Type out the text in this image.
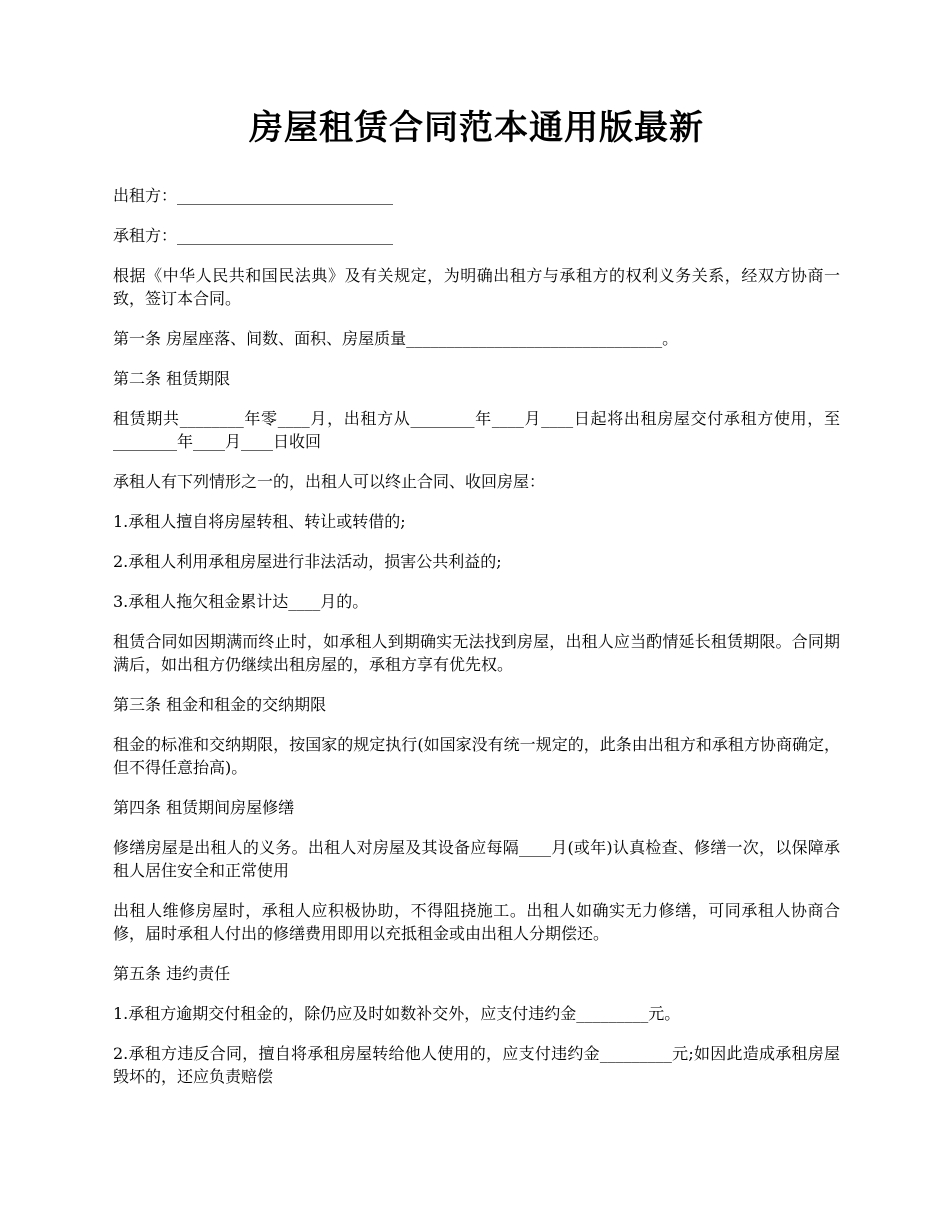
房屋租赁合同范本通用版最新

出租方：___________________________

承租方：___________________________

根据《中华人民共和国民法典》及有关规定，为明确出租方与承租方的权利义务关系，经双方协商一致，签订本合同。

第一条 房屋座落、间数、面积、房屋质量________________________________。

第二条 租赁期限

租赁期共________年零____月，出租方从________年____月____日起将出租房屋交付承租方使用，至________年____月____日收回

承租人有下列情形之一的，出租人可以终止合同、收回房屋：

1.承租人擅自将房屋转租、转让或转借的;

2.承租人利用承租房屋进行非法活动，损害公共利益的;

3.承租人拖欠租金累计达____月的。

租赁合同如因期满而终止时，如承租人到期确实无法找到房屋，出租人应当酌情延长租赁期限。合同期满后，如出租方仍继续出租房屋的，承租方享有优先权。

第三条 租金和租金的交纳期限

租金的标准和交纳期限，按国家的规定执行(如国家没有统一规定的，此条由出租方和承租方协商确定，但不得任意抬高)。

第四条 租赁期间房屋修缮

修缮房屋是出租人的义务。出租人对房屋及其设备应每隔____月(或年)认真检查、修缮一次，以保障承租人居住安全和正常使用

出租人维修房屋时，承租人应积极协助，不得阻挠施工。出租人如确实无力修缮，可同承租人协商合修，届时承租人付出的修缮费用即用以充抵租金或由出租人分期偿还。

第五条 违约责任

1.承租方逾期交付租金的，除仍应及时如数补交外，应支付违约金_________元。

2.承租方违反合同，擅自将承租房屋转给他人使用的，应支付违约金_________元;如因此造成承租房屋毁坏的，还应负责赔偿
